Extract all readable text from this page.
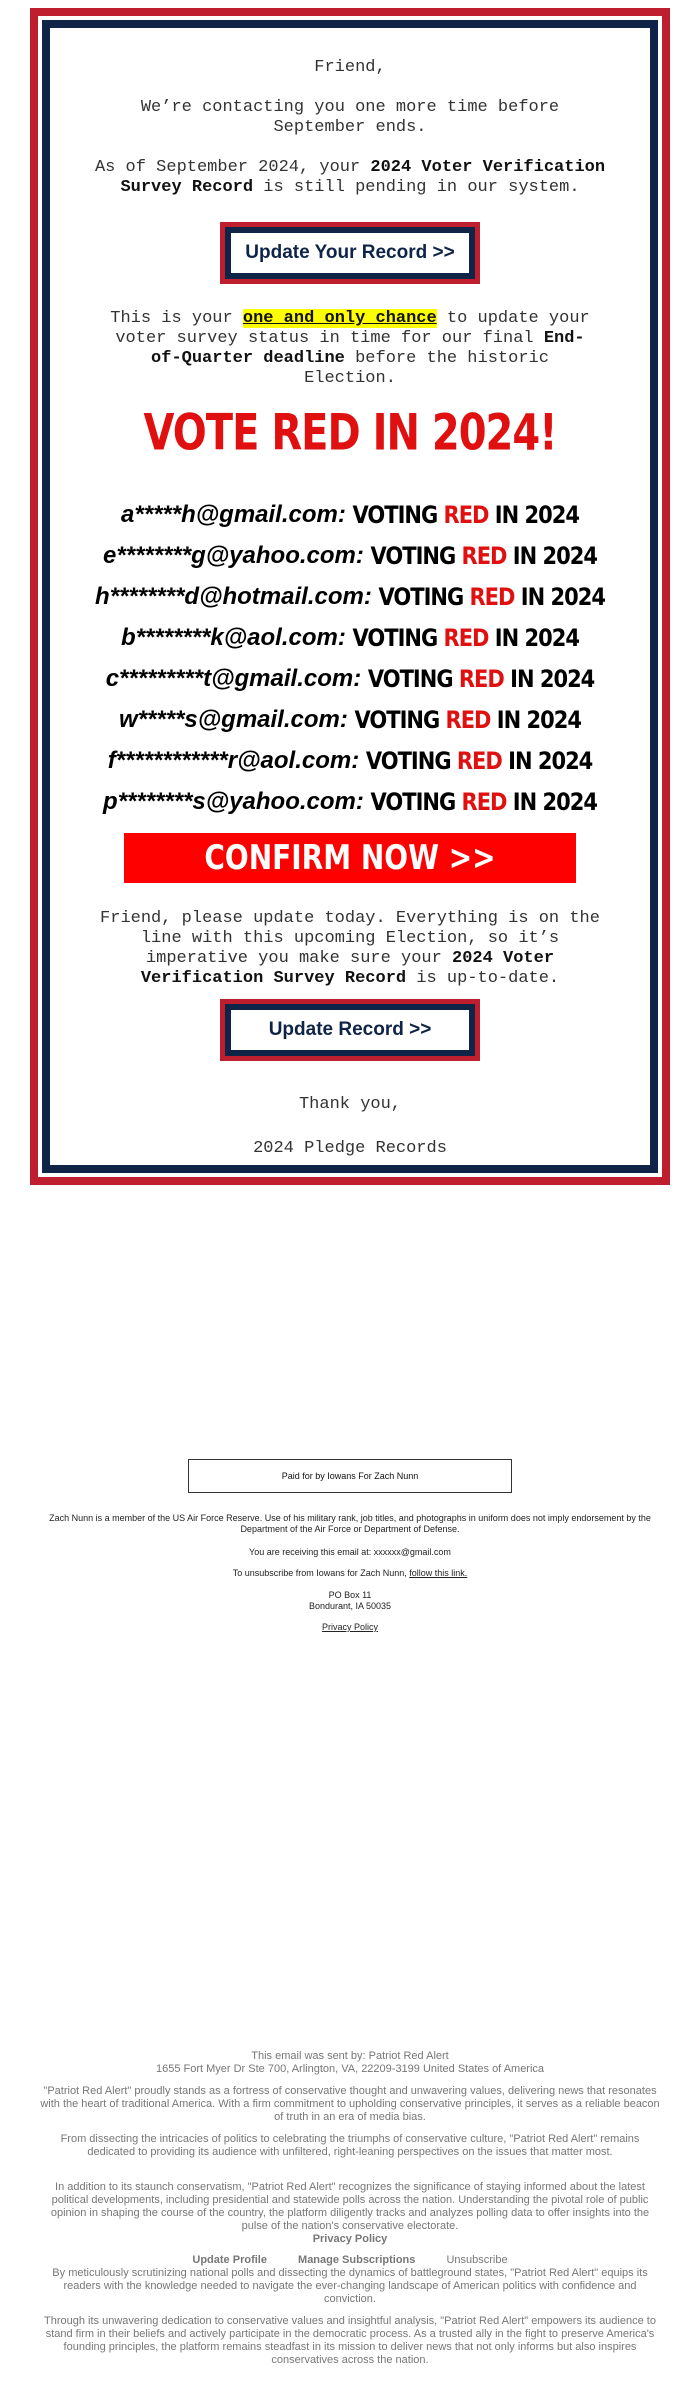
Friend,
We’re contacting you one more time before September ends.
As of September 2024, your 2024 Voter Verification Survey Record is still pending in our system.
Update Your Record >>
This is your one and only chance to update your voter survey status in time for our final End-of-Quarter deadline before the historic Election.
VOTE RED IN 2024!
a*****h@gmail.com: VOTING RED IN 2024
e********g@yahoo.com: VOTING RED IN 2024
h********d@hotmail.com: VOTING RED IN 2024
b********k@aol.com: VOTING RED IN 2024
c*********t@gmail.com: VOTING RED IN 2024
w*****s@gmail.com: VOTING RED IN 2024
f************r@aol.com: VOTING RED IN 2024
p********s@yahoo.com: VOTING RED IN 2024
CONFIRM NOW >>
Friend, please update today. Everything is on the line with this upcoming Election, so it’s imperative you make sure your 2024 Voter Verification Survey Record is up-to-date.
Update Record >>
Thank you,
2024 Pledge Records
Paid for by Iowans For Zach Nunn
Zach Nunn is a member of the US Air Force Reserve. Use of his military rank, job titles, and photographs in uniform does not imply endorsement by the Department of the Air Force or Department of Defense.
You are receiving this email at: xxxxxx@gmail.com
To unsubscribe from Iowans for Zach Nunn, follow this link.
PO Box 11
Bondurant, IA 50035
Privacy Policy
This email was sent by: Patriot Red Alert
1655 Fort Myer Dr Ste 700, Arlington, VA, 22209-3199 United States of America
"Patriot Red Alert" proudly stands as a fortress of conservative thought and unwavering values, delivering news that resonates with the heart of traditional America. With a firm commitment to upholding conservative principles, it serves as a reliable beacon of truth in an era of media bias.
From dissecting the intricacies of politics to celebrating the triumphs of conservative culture, "Patriot Red Alert" remains dedicated to providing its audience with unfiltered, right-leaning perspectives on the issues that matter most.
In addition to its staunch conservatism, "Patriot Red Alert" recognizes the significance of staying informed about the latest political developments, including presidential and statewide polls across the nation. Understanding the pivotal role of public opinion in shaping the course of the country, the platform diligently tracks and analyzes polling data to offer insights into the pulse of the nation's conservative electorate.
Privacy Policy
Update Profile	Manage Subscriptions	Unsubscribe
By meticulously scrutinizing national polls and dissecting the dynamics of battleground states, "Patriot Red Alert" equips its readers with the knowledge needed to navigate the ever-changing landscape of American politics with confidence and conviction.
Through its unwavering dedication to conservative values and insightful analysis, "Patriot Red Alert" empowers its audience to stand firm in their beliefs and actively participate in the democratic process. As a trusted ally in the fight to preserve America's founding principles, the platform remains steadfast in its mission to deliver news that not only informs but also inspires conservatives across the nation.
